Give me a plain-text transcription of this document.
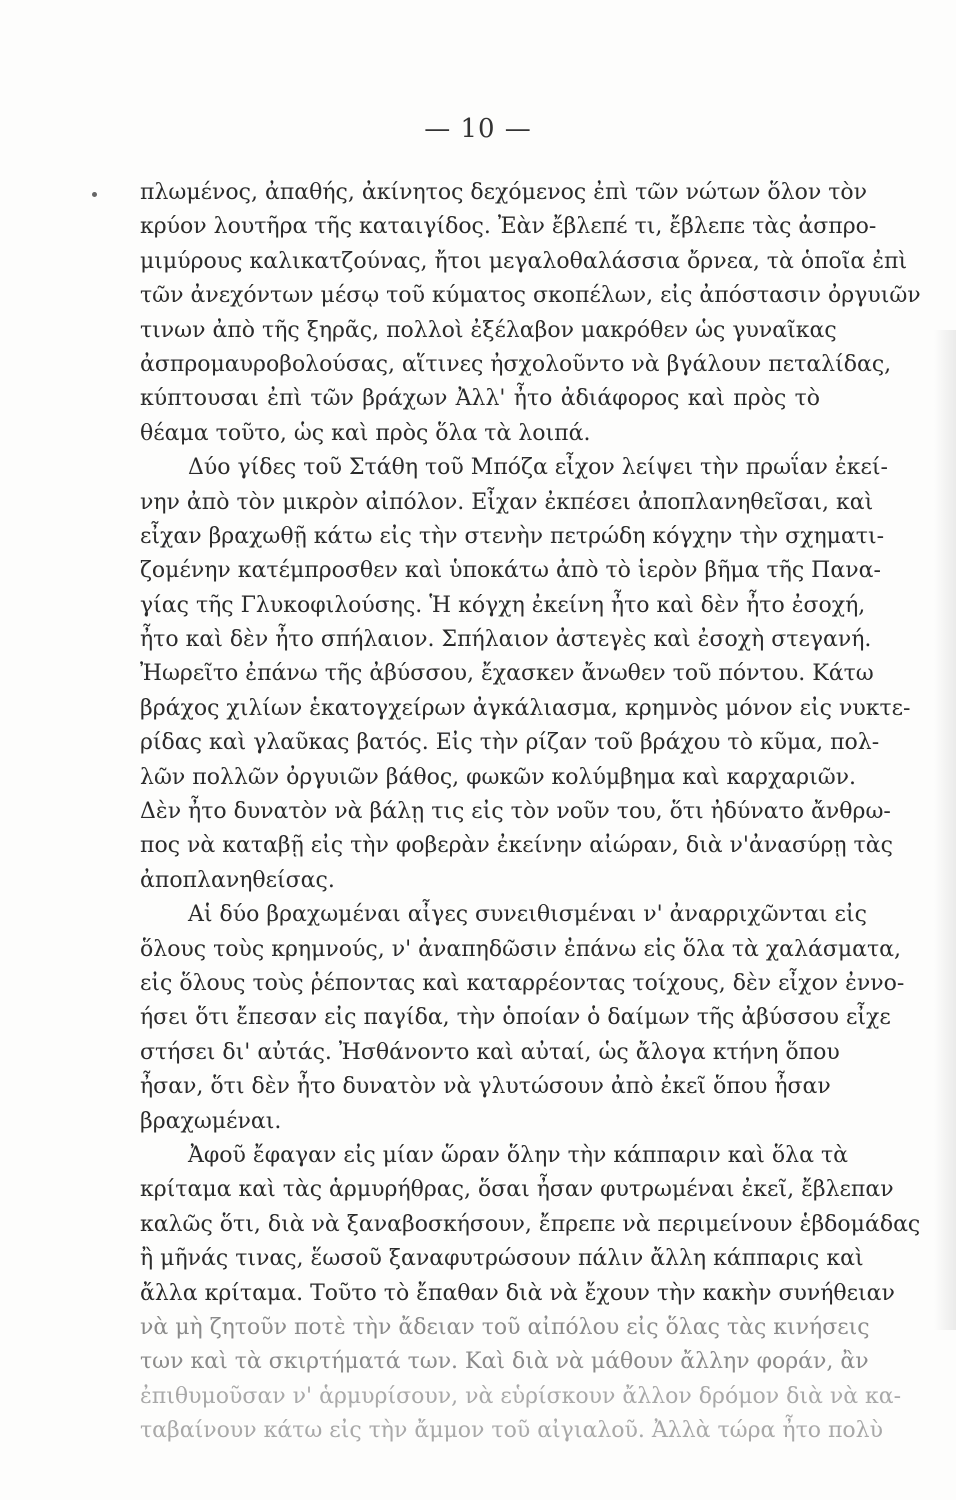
— 10 —
πλωμένος, ἀπαθής, ἀκίνητος δεχόμενος ἐπὶ τῶν νώτων ὅλον τὸν
κρύον λουτῆρα τῆς καταιγίδος. Ἐὰν ἔβλεπέ τι, ἔβλεπε τὰς ἀσπρο-
μιμύρους καλικατζούνας, ἤτοι μεγαλοθαλάσσια ὄρνεα, τὰ ὁποῖα ἐπὶ
τῶν ἀνεχόντων μέσῳ τοῦ κύματος σκοπέλων, εἰς ἀπόστασιν ὀργυιῶν
τινων ἀπὸ τῆς ξηρᾶς, πολλοὶ ἐξέλαβον μακρόθεν ὡς γυναῖκας
ἀσπρομαυροβολούσας, αἵτινες ἠσχολοῦντο νὰ βγάλουν πεταλίδας,
κύπτουσαι ἐπὶ τῶν βράχων Ἀλλ' ἦτο ἀδιάφορος καὶ πρὸς τὸ
θέαμα τοῦτο, ὡς καὶ πρὸς ὅλα τὰ λοιπά.
Δύο γίδες τοῦ Στάθη τοῦ Μπόζα εἶχον λείψει τὴν πρωΐαν ἐκεί-
νην ἀπὸ τὸν μικρὸν αἰπόλον. Εἶχαν ἐκπέσει ἀποπλανηθεῖσαι, καὶ
εἶχαν βραχωθῇ κάτω εἰς τὴν στενὴν πετρώδη κόγχην τὴν σχηματι-
ζομένην κατέμπροσθεν καὶ ὑποκάτω ἀπὸ τὸ ἱερὸν βῆμα τῆς Πανα-
γίας τῆς Γλυκοφιλούσης. Ἡ κόγχη ἐκείνη ἦτο καὶ δὲν ἦτο ἐσοχή,
ἦτο καὶ δὲν ἦτο σπήλαιον. Σπήλαιον ἀστεγὲς καὶ ἐσοχὴ στεγανή.
Ἠωρεῖτο ἐπάνω τῆς ἀβύσσου, ἔχασκεν ἄνωθεν τοῦ πόντου. Κάτω
βράχος χιλίων ἑκατογχείρων ἀγκάλιασμα, κρημνὸς μόνον εἰς νυκτε-
ρίδας καὶ γλαῦκας βατός. Εἰς τὴν ρίζαν τοῦ βράχου τὸ κῦμα, πολ-
λῶν πολλῶν ὀργυιῶν βάθος, φωκῶν κολύμβημα καὶ καρχαριῶν.
Δὲν ἦτο δυνατὸν νὰ βάλῃ τις εἰς τὸν νοῦν του, ὅτι ἠδύνατο ἄνθρω-
πος νὰ καταβῇ εἰς τὴν φοβερὰν ἐκείνην αἰώραν, διὰ ν'ἀνασύρῃ τὰς
ἀποπλανηθείσας.
Αἱ δύο βραχωμέναι αἶγες συνειθισμέναι ν' ἀναρριχῶνται εἰς
ὅλους τοὺς κρημνούς, ν' ἀναπηδῶσιν ἐπάνω εἰς ὅλα τὰ χαλάσματα,
εἰς ὅλους τοὺς ῥέποντας καὶ καταρρέοντας τοίχους, δὲν εἶχον ἐννο-
ήσει ὅτι ἔπεσαν εἰς παγίδα, τὴν ὁποίαν ὁ δαίμων τῆς ἀβύσσου εἶχε
στήσει δι' αὐτάς. Ἠσθάνοντο καὶ αὐταί, ὡς ἄλογα κτήνη ὅπου
ἦσαν, ὅτι δὲν ἦτο δυνατὸν νὰ γλυτώσουν ἀπὸ ἐκεῖ ὅπου ἦσαν
βραχωμέναι.
Ἀφοῦ ἔφαγαν εἰς μίαν ὥραν ὅλην τὴν κάππαριν καὶ ὅλα τὰ
κρίταμα καὶ τὰς ἁρμυρήθρας, ὅσαι ἦσαν φυτρωμέναι ἐκεῖ, ἔβλεπαν
καλῶς ὅτι, διὰ νὰ ξαναβοσκήσουν, ἔπρεπε νὰ περιμείνουν ἑβδομάδας
ἢ μῆνάς τινας, ἕωσοῦ ξαναφυτρώσουν πάλιν ἄλλη κάππαρις καὶ
ἄλλα κρίταμα. Τοῦτο τὸ ἔπαθαν διὰ νὰ ἔχουν τὴν κακὴν συνήθειαν
νὰ μὴ ζητοῦν ποτὲ τὴν ἄδειαν τοῦ αἰπόλου εἰς ὅλας τὰς κινήσεις
των καὶ τὰ σκιρτήματά των. Καὶ διὰ νὰ μάθουν ἄλλην φοράν, ἂν
ἐπιθυμοῦσαν ν' ἁρμυρίσουν, νὰ εὑρίσκουν ἄλλον δρόμον διὰ νὰ κα-
ταβαίνουν κάτω εἰς τὴν ἄμμον τοῦ αἰγιαλοῦ. Ἀλλὰ τώρα ἦτο πολὺ
